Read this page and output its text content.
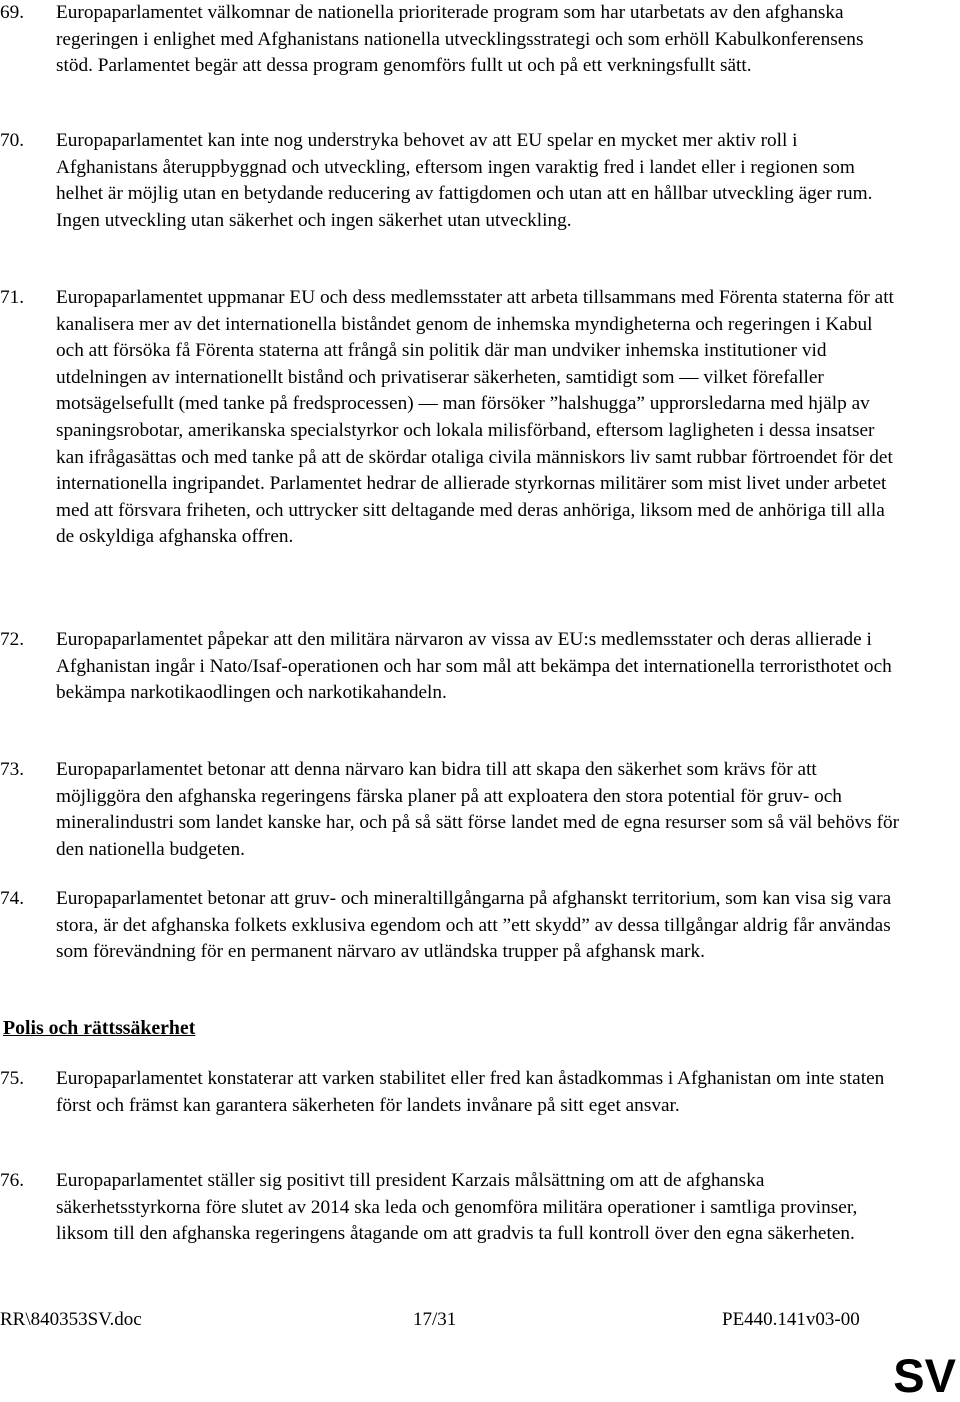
69.	Europaparlamentet välkomnar de nationella prioriterade program som har utarbetats av den afghanska regeringen i enlighet med Afghanistans nationella utvecklingsstrategi och som erhöll Kabulkonferensens stöd. Parlamentet begär att dessa program genomförs fullt ut och på ett verkningsfullt sätt.
70.	Europaparlamentet kan inte nog understryka behovet av att EU spelar en mycket mer aktiv roll i Afghanistans återuppbyggnad och utveckling, eftersom ingen varaktig fred i landet eller i regionen som helhet är möjlig utan en betydande reducering av fattigdomen och utan att en hållbar utveckling äger rum. Ingen utveckling utan säkerhet och ingen säkerhet utan utveckling.
71.	Europaparlamentet uppmanar EU och dess medlemsstater att arbeta tillsammans med Förenta staterna för att kanalisera mer av det internationella biståndet genom de inhemska myndigheterna och regeringen i Kabul och att försöka få Förenta staterna att frångå sin politik där man undviker inhemska institutioner vid utdelningen av internationellt bistånd och privatiserar säkerheten, samtidigt som — vilket förefaller motsägelsefullt (med tanke på fredsprocessen) — man försöker ”halshugga” upprorsledarna med hjälp av spaningsrobotar, amerikanska specialstyrkor och lokala milisförband, eftersom lagligheten i dessa insatser kan ifrågasättas och med tanke på att de skördar otaliga civila människors liv samt rubbar förtroendet för det internationella ingripandet. Parlamentet hedrar de allierade styrkornas militärer som mist livet under arbetet med att försvara friheten, och uttrycker sitt deltagande med deras anhöriga, liksom med de anhöriga till alla de oskyldiga afghanska offren.
72.	Europaparlamentet påpekar att den militära närvaron av vissa av EU:s medlemsstater och deras allierade i Afghanistan ingår i Nato/Isaf-operationen och har som mål att bekämpa det internationella terroristhotet och bekämpa narkotikaodlingen och narkotikahandeln.
73.	Europaparlamentet betonar att denna närvaro kan bidra till att skapa den säkerhet som krävs för att möjliggöra den afghanska regeringens färska planer på att exploatera den stora potential för gruv- och mineralindustri som landet kanske har, och på så sätt förse landet med de egna resurser som så väl behövs för den nationella budgeten.
74.	Europaparlamentet betonar att gruv- och mineraltillgångarna på afghanskt territorium, som kan visa sig vara stora, är det afghanska folkets exklusiva egendom och att ”ett skydd” av dessa tillgångar aldrig får användas som förevändning för en permanent närvaro av utländska trupper på afghansk mark.
Polis och rättssäkerhet
75.	Europaparlamentet konstaterar att varken stabilitet eller fred kan åstadkommas i Afghanistan om inte staten först och främst kan garantera säkerheten för landets invånare på sitt eget ansvar.
76.	Europaparlamentet ställer sig positivt till president Karzais målsättning om att de afghanska säkerhetsstyrkorna före slutet av 2014 ska leda och genomföra militära operationer i samtliga provinser, liksom till den afghanska regeringens åtagande om att gradvis ta full kontroll över den egna säkerheten.
RR\840353SV.doc	17/31	PE440.141v03-00
SV
